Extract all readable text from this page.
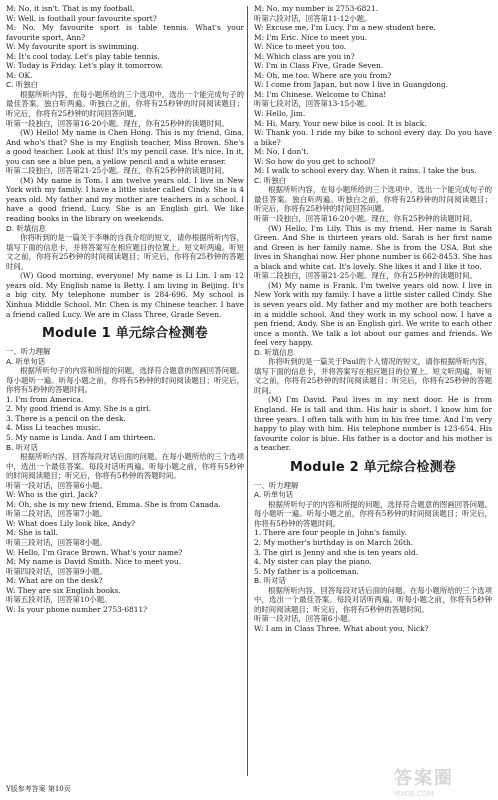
M: No, it isn't. That is my football.
W: Well, is football your favourite sport?
M: No. My favourite sport is table tennis. What's your favourite sport, Ann?
W: My favourite sport is swimming.
M: It's cool today. Let's play table tennis.
W: Today is Friday. Let's play it tomorrow.
M: OK.
C. 听独白
根据所听内容，在每小题所给的三个选项中，选出一个能完成句子的最佳答案。独白听两遍。听独白之前，你将有25秒钟的时间阅读题目；听完后，你将有25秒钟的时间回答问题。
听第一段独白，回答第16-20小题。现在，你有25秒钟的读题时间。
(W) Hello! My name is Chen Hong. This is my friend, Gina. And who's that? She is my English teacher, Miss Brown. She's a good teacher. Look at this! It's my pencil case. It's nice. In it, you can see a blue pen, a yellow pencil and a white eraser.
听第二段独白，回答第21-25小题。现在，你有25秒钟的读题时间。
(M) My name is Tom. I am twelve years old. I live in New York with my family. I have a little sister called Cindy. She is 4 years old. My father and my mother are teachers in a school. I have a good friend, Lucy. She is an English girl. We like reading books in the library on weekends.
D. 听填信息
你将听到的是一篇关于李琳的自我介绍的短文，请你根据所听内容，填写下面的信息卡，并将答案写在相应题目的位置上。短文听两遍。听短文之前，你将有25秒钟的时间阅读题目；听完后，你将有25秒钟的答题时间。
(W) Good morning, everyone! My name is Li Lin. I am 12 years old. My English name is Betty. I am living in Beijing. It's a big city. My telephone number is 284-696. My school is Xinhua Middle School. Mr. Chen is my Chinese teacher. I have a friend called Lucy. We are in Class Three, Grade Seven.
Module 1 单元综合检测卷
一、听力理解
A. 听单句话
根据所听句子的内容和所提的问题，选择符合题意的图画回答问题。每小题听一遍。听每小题之前，你将有5秒钟的时间阅读题目；听完后，你将有5秒钟的答题时间。
1. I'm from America.
2. My good friend is Amy. She is a girl.
3. There is a pencil on the desk.
4. Miss Li teaches music.
5. My name is Linda. And I am thirteen.
B. 听对话
根据所听内容，回答每段对话后面的问题。在每小题所给的三个选项中，选出一个最佳答案。每段对话听两遍。听每小题之前，你将有5秒钟的时间阅读题目；听完后，你将有5秒钟的答题时间。
听第一段对话，回答第6小题。
W: Who is the girl, Jack?
M: Oh, she is my new friend, Emma. She is from Canada.
听第二段对话，回答第7小题。
W: What does Lily look like, Andy?
M: She is tall.
听第三段对话，回答第8小题。
W: Hello, I'm Grace Brown. What's your name?
M: My name is David Smith. Nice to meet you.
听第四段对话，回答第9小题。
M: What are on the desk?
W: They are six English books.
听第五段对话，回答第10小题。
W: Is your phone number 2753-6811?
M: No, my number is 2753-6821.
听第六段对话，回答第11-12小题。
W: Excuse me, I'm Lucy. I'm a new student here.
M: I'm Eric. Nice to meet you.
W: Nice to meet you too.
M: Which class are you in?
W: I'm in Class Five, Grade Seven.
M: Oh, me too. Where are you from?
W: I come from Japan, but now I live in Guangdong.
M: I'm Chinese. Welcome to China!
听第七段对话，回答第13-15小题。
W: Hello, Jim.
M: Hi, Mary. Your new bike is cool. It is black.
W: Thank you. I ride my bike to school every day. Do you have a bike?
M: No, I don't.
W: So how do you get to school?
M: I walk to school every day. When it rains, I take the bus.
C. 听独白
根据所听内容，在每小题所给的三个选项中，选出一个能完成句子的最佳答案。独白听两遍。听独白之前，你将有25秒钟的时间阅读题目；听完后，你将有25秒钟的时间回答问题。
听第一段独白，回答第16-20小题。现在，你有25秒钟的读题时间。
(W) Hello, I'm Lily. This is my friend. Her name is Sarah Green. And She is thirteen years old. Sarah is her first name and Green is her family name. She is from the USA. But she lives in Shanghai now. Her phone number is 662-8453. She has a black and white cat. It's lovely. She likes it and I like it too.
听第二段独白，回答第21-25小题。现在，你有25秒钟的读题时间。
(M) My name is Frank. I'm twelve years old now. I live in New York with my family. I have a little sister called Cindy. She is seven years old. My father and my mother are both teachers in a middle school. And they work in my school now. I have a pen friend, Andy. She is an English girl. We write to each other once a month. We talk a lot about our games and friends. We feel very happy.
D. 听填信息
你将听到的是一篇关于Paul的个人情况的短文，请你根据所听内容，填写下面的信息卡，并将答案写在相应题目的位置上。短文听两遍。听短文之前，你将有25秒钟的时间阅读题目；听完后，你将有25秒钟的答题时间。
(M) I'm David. Paul lives in my next door. He is from England. He is tall and thin. His hair is short. I know him for three years. I often talk with him in his free time. And I'm very happy to play with him. His telephone number is 123-654. His favourite color is blue. His father is a doctor and his mother is a teacher.
Module 2 单元综合检测卷
一、听力理解
A. 听单句话
根据所听句子的内容和所提的问题，选择符合题意的图画回答问题。每小题听一遍。听每小题之前，你将有5秒钟的时间阅读题目；听完后，你将有5秒钟的答题时间。
1. There are four people in John's family.
2. My mother's birthday is on March 26th.
3. The girl is Jenny and she is ten years old.
4. My sister can play the piano.
5. My father is a policeman.
B. 听对话
根据所听内容，回答每段对话后面的问题。在每小题所给的三个选项中，选出一个最佳答案。每段对话听两遍。听每小题之前，你将有5秒钟的时间阅读题目；听完后，你将有5秒钟的答题时间。
听第一段对话，回答第6小题。
W: I am in Class Three. What about you, Nick?
Y版参考答案 第10页	答案圈
MXQE.COM
